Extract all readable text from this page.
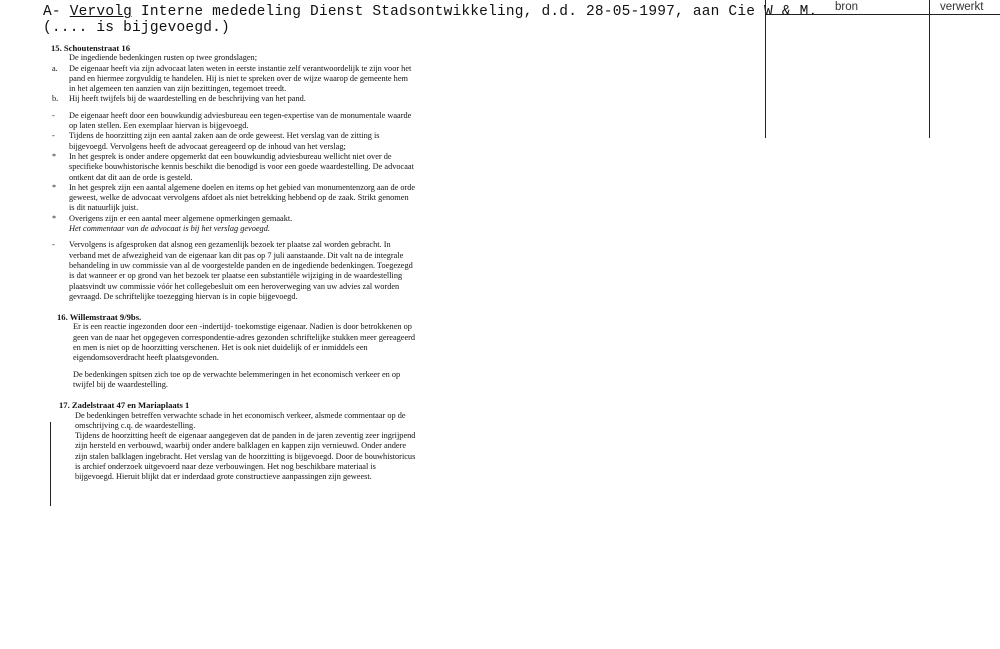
A- Vervolg Interne mededeling Dienst Stadsontwikkeling, d.d. 28-05-1997, aan Cie W & M.
(.... is bijgevoegd.)
bron	verwerkt
15. Schoutenstraat 16
De ingediende bedenkingen rusten op twee grondslagen;
a.	De eigenaar heeft via zijn advocaat laten weten in eerste instantie zelf verantwoordelijk te zijn voor het pand en hiermee zorgvuldig te handelen. Hij is niet te spreken over de wijze waarop de gemeente hem in het algemeen ten aanzien van zijn bezittingen, tegemoet treedt.
b.	Hij heeft twijfels bij de waardestelling en de beschrijving van het pand.
-	De eigenaar heeft door een bouwkundig adviesbureau een tegen-expertise van de monumentale waarde op laten stellen. Een exemplaar hiervan is bijgevoegd.
-	Tijdens de hoorzitting zijn een aantal zaken aan de orde geweest. Het verslag van de zitting is bijgevoegd. Vervolgens heeft de advocaat gereageerd op de inhoud van het verslag;
*	In het gesprek is onder andere opgemerkt dat een bouwkundig adviesbureau wellicht niet over de specifieke bouwhistorische kennis beschikt die benodigd is voor een goede waardestelling. De advocaat ontkent dat dit aan de orde is gesteld.
*	In het gesprek zijn een aantal algemene doelen en items op het gebied van monumentenzorg aan de orde geweest, welke de advocaat vervolgens afdoet als niet betrekking hebbend op de zaak. Strikt genomen is dit natuurlijk juist.
*	Overigens zijn er een aantal meer algemene opmerkingen gemaakt.
Het commentaar van de advocaat is bij het verslag gevoegd.
-	Vervolgens is afgesproken dat alsnog een gezamenlijk bezoek ter plaatse zal worden gebracht. In verband met de afwezigheid van de eigenaar kan dit pas op 7 juli aanstaande. Dit valt na de integrale behandeling in uw commissie van al de voorgestelde panden en de ingediende bedenkingen. Toegezegd is dat wanneer er op grond van het bezoek ter plaatse een substantiële wijziging in de waardestelling plaatsvindt uw commissie vóór het collegebesluit om een heroverweging van uw advies zal worden gevraagd. De schriftelijke toezegging hiervan is in copie bijgevoegd.
16. Willemstraat 9/9bs.
Er is een reactie ingezonden door een -indertijd- toekomstige eigenaar. Nadien is door betrokkenen op geen van de naar het opgegeven correspondentie-adres gezonden schriftelijke stukken meer gereageerd en men is niet op de hoorzitting verschenen. Het is ook niet duidelijk of er inmiddels een eigendomsoverdracht heeft plaatsgevonden.
De bedenkingen spitsen zich toe op de verwachte belemmeringen in het economisch verkeer en op twijfel bij de waardestelling.
17. Zadelstraat 47 en Mariaplaats 1
De bedenkingen betreffen verwachte schade in het economisch verkeer, alsmede commentaar op de omschrijving c.q. de waardestelling.
Tijdens de hoorzitting heeft de eigenaar aangegeven dat de panden in de jaren zeventig zeer ingrijpend zijn hersteld en verbouwd, waarbij onder andere balklagen en kappen zijn vernieuwd. Onder andere zijn stalen balklagen ingebracht. Het verslag van de hoorzitting is bijgevoegd. Door de bouwhistoricus is archief onderzoek uitgevoerd naar deze verbouwingen. Het nog beschikbare materiaal is bijgevoegd. Hieruit blijkt dat er inderdaad grote constructieve aanpassingen zijn geweest.
